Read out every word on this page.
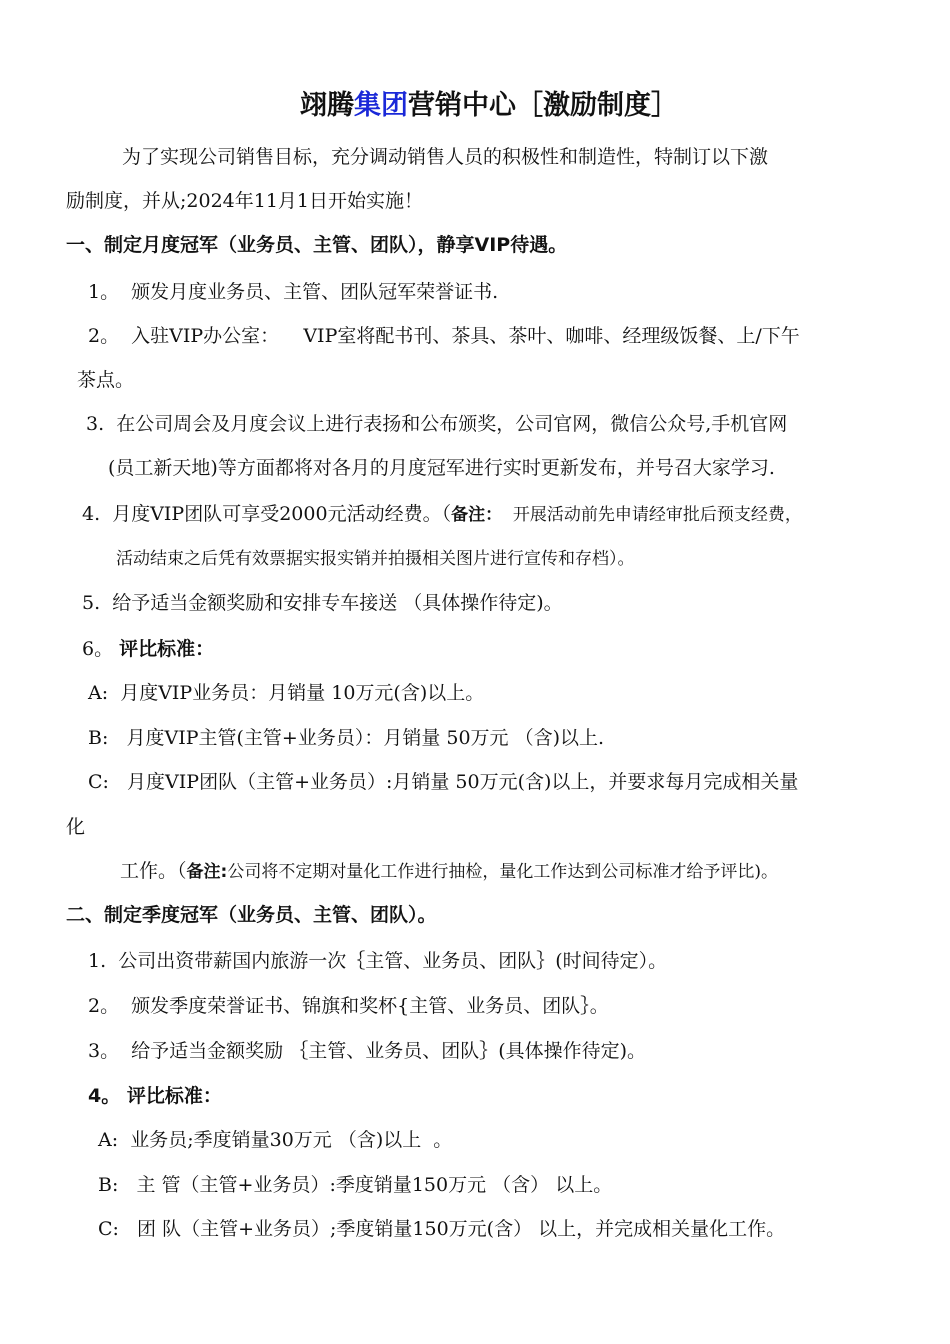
翊腾集团营销中心［激励制度］
为了实现公司销售目标，充分调动销售人员的积极性和制造性，特制订以下激
励制度，并从;2024年11月1日开始实施！
一、制定月度冠军（业务员、主管、团队），静享VIP待遇。
1。  颁发月度业务员、主管、团队冠军荣誉证书.
2。  入驻VIP办公室：    VIP室将配书刊、茶具、茶叶、咖啡、经理级饭餐、上/下午
茶点。
3.  在公司周会及月度会议上进行表扬和公布颁奖，公司官网，微信公众号,手机官网
(员工新天地)等方面都将对各月的月度冠军进行实时更新发布，并号召大家学习.
4.  月度VIP团队可享受2000元活动经费。（备注：  开展活动前先申请经审批后预支经费，
活动结束之后凭有效票据实报实销并拍摄相关图片进行宣传和存档）。
5.  给予适当金额奖励和安排专车接送 （具体操作待定)。
6。 评比标准：
A:  月度VIP业务员：月销量 10万元(含)以上。
B:   月度VIP主管(主管+业务员）：月销量 50万元 （含)以上.
C:   月度VIP团队（主管+业务员）:月销量 50万元(含)以上，并要求每月完成相关量
化
工作。（备注:公司将不定期对量化工作进行抽检，量化工作达到公司标准才给予评比)。
二、制定季度冠军（业务员、主管、团队）。
1.  公司出资带薪国内旅游一次｛主管、业务员、团队｝(时间待定）。
2。  颁发季度荣誉证书、锦旗和奖杯{主管、业务员、团队｝。
3。  给予适当金额奖励 ｛主管、业务员、团队｝(具体操作待定)。
4。 评比标准：
A:  业务员;季度销量30万元 （含)以上  。
B:   主 管（主管+业务员）:季度销量150万元 （含） 以上。
C:   团 队（主管+业务员）;季度销量150万元(含） 以上，并完成相关量化工作。
